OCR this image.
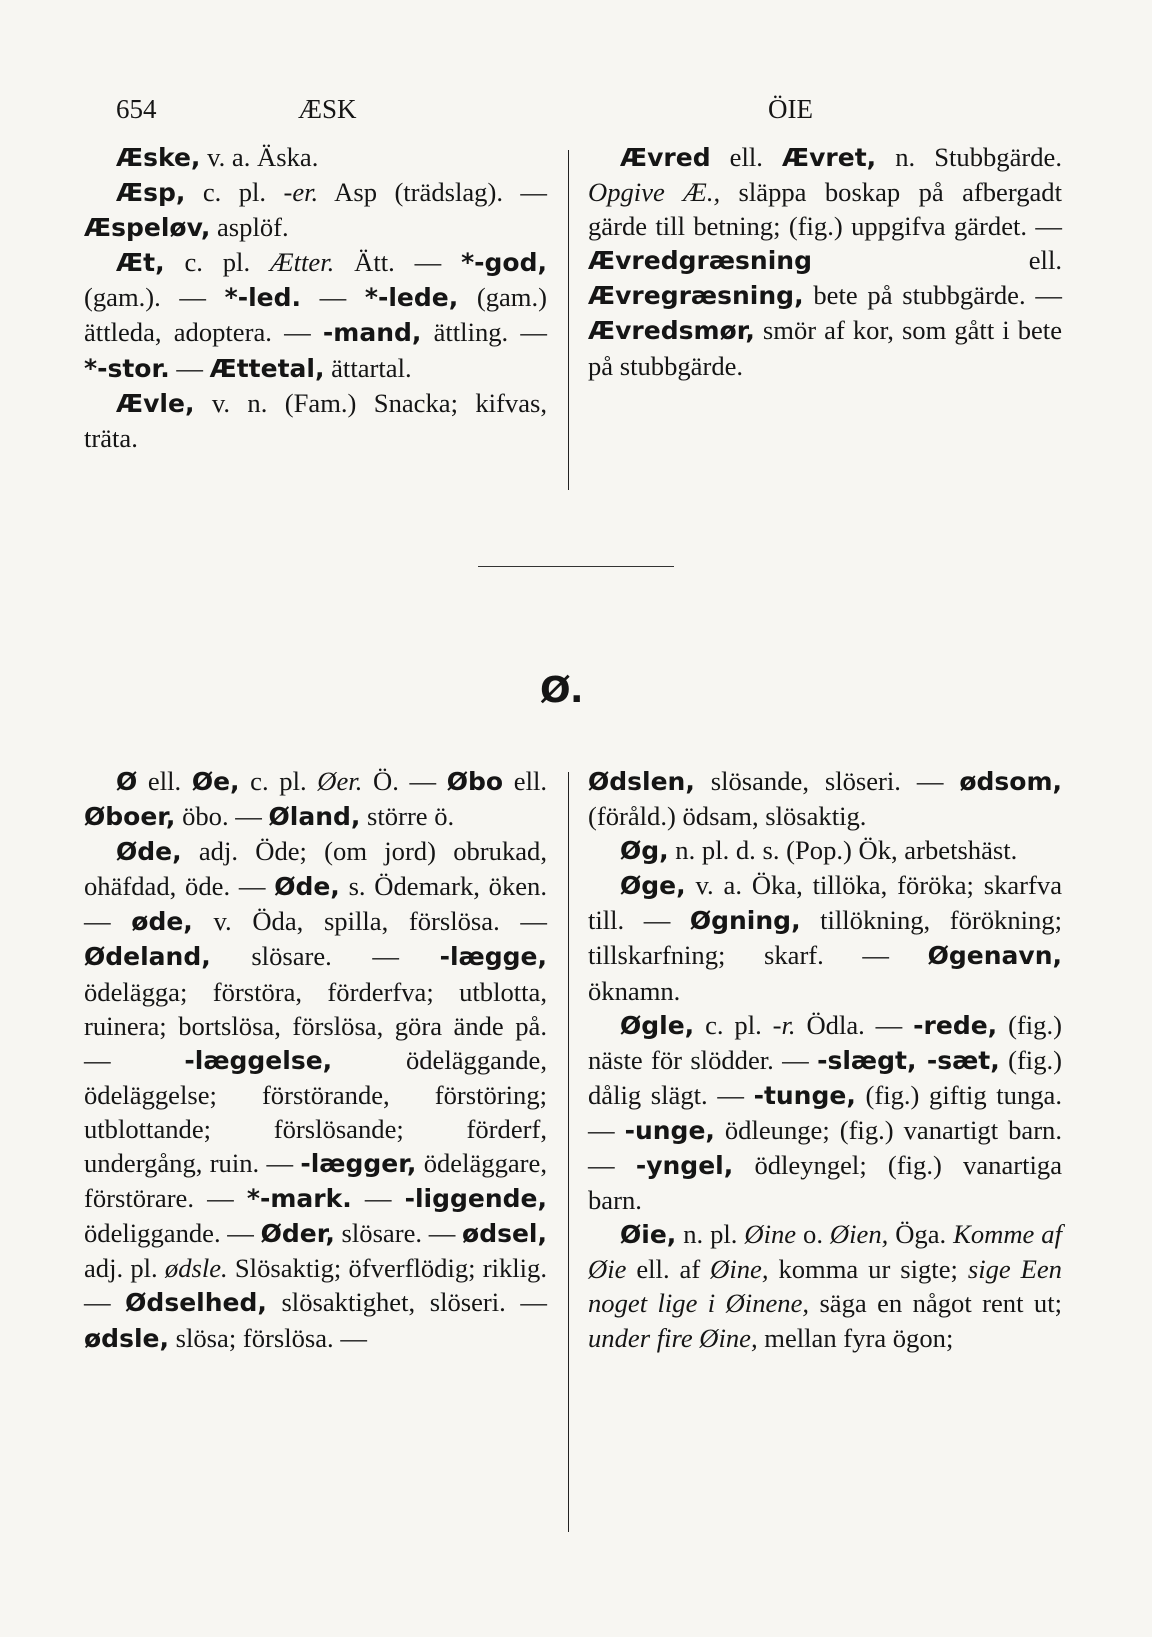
654	ÆSK	ÖIE

Æske, v. a. Äska.

Æsp, c. pl. -er. Asp (trädslag). — Æspeløv, asplöf.

Æt, c. pl. Ætter. Ätt. — *-god, (gam.). — *-led. — *-lede, (gam.) ättleda, adoptera. — -mand, ättling. — *-stor. — Ættetal, ättartal.

Ævle, v. n. (Fam.) Snacka; kifvas, träta.

Ævred ell. Ævret, n. Stubbgärde. Opgive Æ., släppa boskap på afbergadt gärde till betning; (fig.) uppgifva gärdet. — Ævredgræsning ell. Ævregræsning, bete på stubbgärde. — Ævredsmør, smör af kor, som gått i bete på stubbgärde.

Ø.

Ø ell. Øe, c. pl. Øer. Ö. — Øbo ell. Øboer, öbo. — Øland, större ö.

Øde, adj. Öde; (om jord) obrukad, ohäfdad, öde. — Øde, s. Ödemark, öken. — øde, v. Öda, spilla, förslösa. — Ødeland, slösare. — -lægge, ödelägga; förstöra, förderfva; utblotta, ruinera; bortslösa, förslösa, göra ände på. — -læggelse, ödeläggande, ödeläggelse; förstörande, förstöring; utblottande; förslösande; förderf, undergång, ruin. — -lægger, ödeläggare, förstörare. — *-mark. — -liggende, ödeliggande. — Øder, slösare. — ødsel, adj. pl. ødsle. Slösaktig; öfverflödig; riklig. — Ødselhed, slösaktighet, slöseri. — ødsle, slösa; förslösa. —

Ødslen, slösande, slöseri. — ødsom, (föråld.) ödsam, slösaktig.

Øg, n. pl. d. s. (Pop.) Ök, arbetshäst.

Øge, v. a. Öka, tillöka, föröka; skarfva till. — Øgning, tillökning, förökning; tillskarfning; skarf. — Øgenavn, öknamn.

Øgle, c. pl. -r. Ödla. — -rede, (fig.) näste för slödder. — -slægt, -sæt, (fig.) dålig slägt. — -tunge, (fig.) giftig tunga. — -unge, ödleunge; (fig.) vanartigt barn. — -yngel, ödleyngel; (fig.) vanartiga barn.

Øie, n. pl. Øine o. Øien, Öga. Komme af Øie ell. af Øine, komma ur sigte; sige Een noget lige i Øinene, säga en något rent ut; under fire Øine, mellan fyra ögon;
